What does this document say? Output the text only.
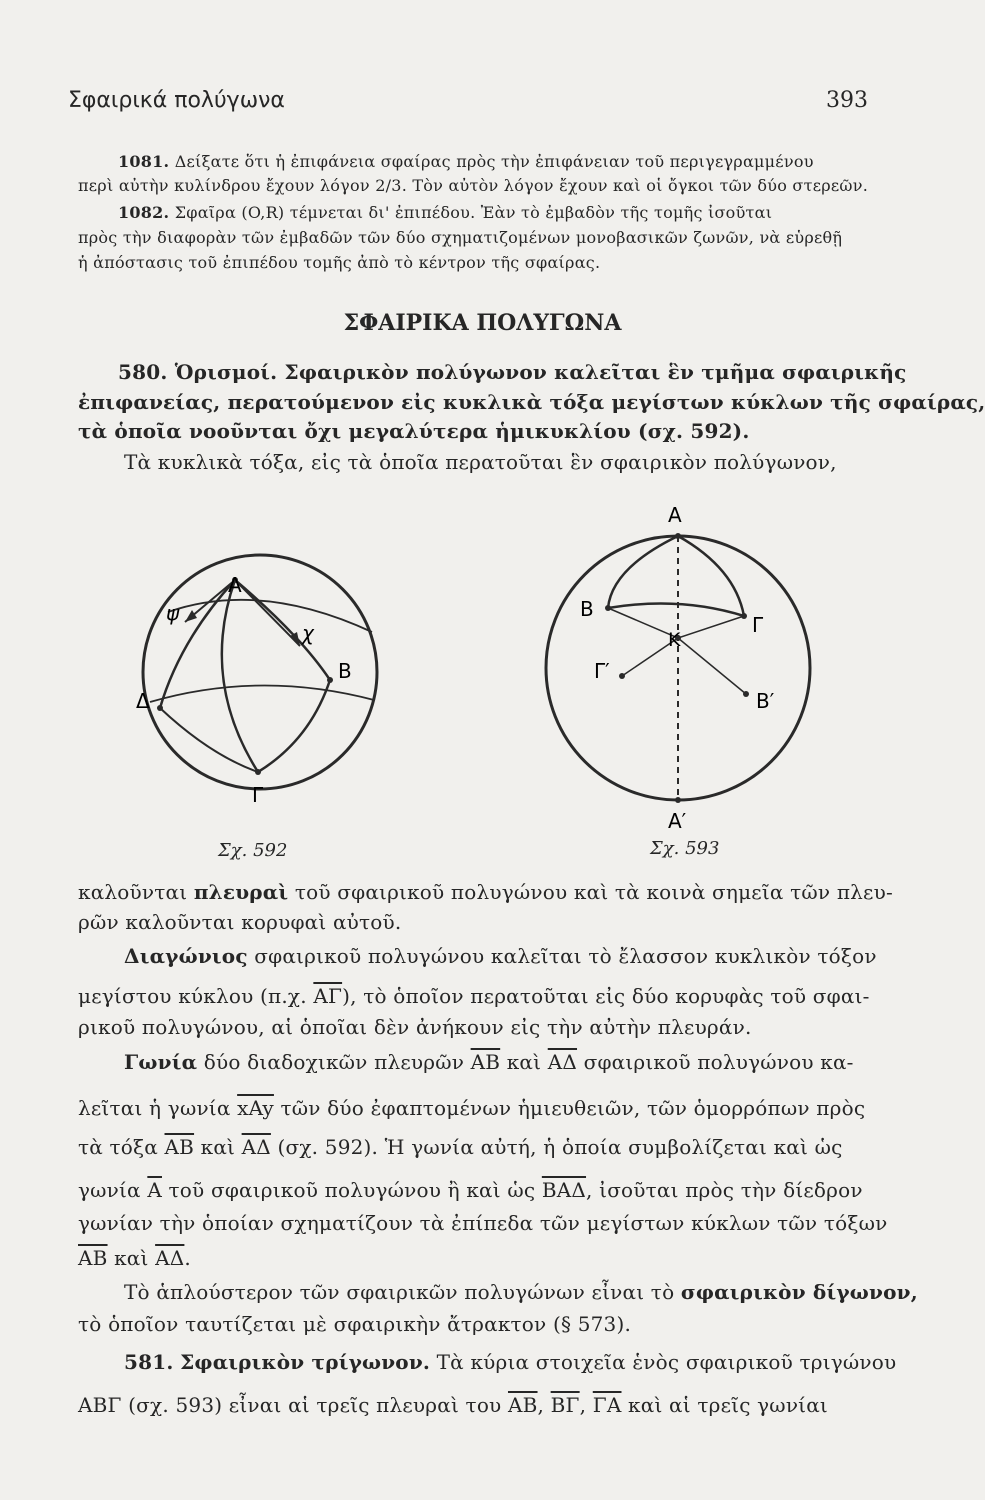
Σφαιρικά πολύγωνα	393
1081. Δείξατε ὅτι ἡ ἐπιφάνεια σφαίρας πρὸς τὴν ἐπιφάνειαν τοῦ περιγεγραμμένου
περὶ αὐτὴν κυλίνδρου ἔχουν λόγον 2/3. Τὸν αὐτὸν λόγον ἔχουν καὶ οἱ ὄγκοι τῶν δύο στερεῶν.
1082. Σφαῖρα (O,R) τέμνεται δι' ἐπιπέδου. Ἐὰν τὸ ἐμβαδὸν τῆς τομῆς ἰσοῦται
πρὸς τὴν διαφορὰν τῶν ἐμβαδῶν τῶν δύο σχηματιζομένων μονοβασικῶν ζωνῶν, νὰ εὑρεθῇ
ἡ ἀπόστασις τοῦ ἐπιπέδου τομῆς ἀπὸ τὸ κέντρον τῆς σφαίρας.
ΣΦΑΙΡΙΚΑ ΠΟΛΥΓΩΝΑ
580. Ὁρισμοί. Σφαιρικὸν πολύγωνον καλεῖται ἓν τμῆμα σφαιρικῆς
ἐπιφανείας, περατούμενον εἰς κυκλικὰ τόξα μεγίστων κύκλων τῆς σφαίρας,
τὰ ὁποῖα νοοῦνται ὄχι μεγαλύτερα ἡμικυκλίου (σχ. 592).
Τὰ κυκλικὰ τόξα, εἰς τὰ ὁποῖα περατοῦται ἓν σφαιρικὸν πολύγωνον,
A
B
Γ
Δ
ψ
χ
Σχ. 592
A
B
Γ
K
Γ′
B′
A′
Σχ. 593
καλοῦνται πλευραὶ τοῦ σφαιρικοῦ πολυγώνου καὶ τὰ κοινὰ σημεῖα τῶν πλευ-
ρῶν καλοῦνται κορυφαὶ αὐτοῦ.
Διαγώνιος σφαιρικοῦ πολυγώνου καλεῖται τὸ ἔλασσον κυκλικὸν τόξον
μεγίστου κύκλου (π.χ. $\overline{A\Gamma}$), τὸ ὁποῖον περατοῦται εἰς δύο κορυφὰς τοῦ σφαι-
ρικοῦ πολυγώνου, αἱ ὁποῖαι δὲν ἀνήκουν εἰς τὴν αὐτὴν πλευράν.
Γωνία δύο διαδοχικῶν πλευρῶν $\overline{AB}$ καὶ $\overline{A\Delta}$ σφαιρικοῦ πολυγώνου κα-
λεῖται ἡ γωνία $\overline{xAy}$ τῶν δύο ἐφαπτομένων ἡμιευθειῶν, τῶν ὁμορρόπων πρὸς
τὰ τόξα $\overline{AB}$ καὶ $\overline{A\Delta}$ (σχ. 592). Ἡ γωνία αὐτή, ἡ ὁποία συμβολίζεται καὶ ὡς
γωνία $\overline{A}$ τοῦ σφαιρικοῦ πολυγώνου ἢ καὶ ὡς $\overline{BA\Delta}$, ἰσοῦται πρὸς τὴν δίεδρον
γωνίαν τὴν ὁποίαν σχηματίζουν τὰ ἐπίπεδα τῶν μεγίστων κύκλων τῶν τόξων
$\overline{AB}$ καὶ $\overline{A\Delta}$.
Τὸ ἁπλούστερον τῶν σφαιρικῶν πολυγώνων εἶναι τὸ σφαιρικὸν δίγωνον,
τὸ ὁποῖον ταυτίζεται μὲ σφαιρικὴν ἄτρακτον (§ 573).
581. Σφαιρικὸν τρίγωνον. Τὰ κύρια στοιχεῖα ἑνὸς σφαιρικοῦ τριγώνου
ΑΒΓ (σχ. 593) εἶναι αἱ τρεῖς πλευραὶ του $\overline{AB}$, $\overline{B\Gamma}$, $\overline{\Gamma A}$ καὶ αἱ τρεῖς γωνίαι
